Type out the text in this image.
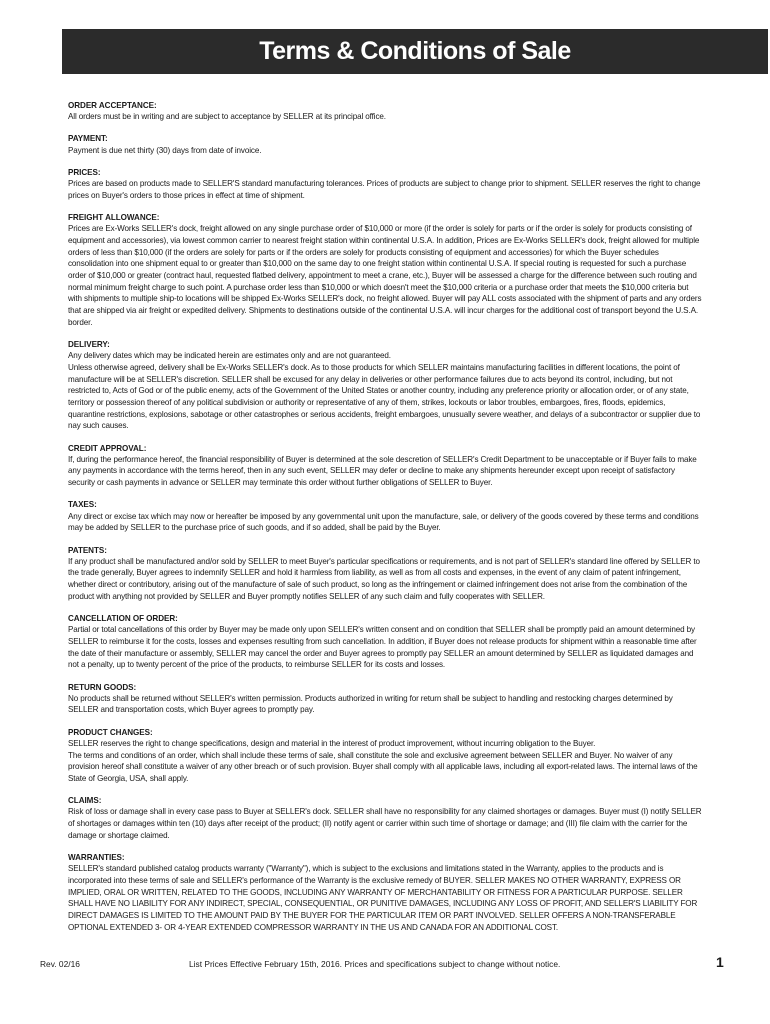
Terms & Conditions of Sale
ORDER ACCEPTANCE:

All orders must be in writing and are subject to acceptance by SELLER at its principal office.

PAYMENT:

Payment is due net thirty (30) days from date of invoice.

PRICES:

Prices are based on products made to SELLER'S standard manufacturing tolerances. Prices of products are subject to change prior to shipment. SELLER reserves the right to change prices on Buyer's orders to those prices in effect at time of shipment.

FREIGHT ALLOWANCE:

Prices are Ex-Works SELLER's dock, freight allowed on any single purchase order of $10,000 or more (if the order is solely for parts or if the order is solely for products consisting of equipment and accessories), via lowest common carrier to nearest freight station within continental U.S.A. In addition, Prices are Ex-Works SELLER's dock, freight allowed for multiple orders of less than $10,000 (if the orders are solely for parts or if the orders are solely for products consisting of equipment and accessories) for which the Buyer schedules consolidation into one shipment equal to or greater than $10,000 on the same day to one freight station within continental U.S.A. If special routing is requested for such a purchase order of $10,000 or greater (contract haul, requested flatbed delivery, appointment to meet a crane, etc.), Buyer will be assessed a charge for the difference between such routing and normal minimum freight charge to such point. A purchase order less than $10,000 or which doesn't meet the $10,000 criteria or a purchase order that meets the $10,000 criteria but with shipments to multiple ship-to locations will be shipped Ex-Works SELLER's dock, no freight allowed. Buyer will pay ALL costs associated with the shipment of parts and any orders that are shipped via air freight or expedited delivery. Shipments to destinations outside of the continental U.S.A. will incur charges for the additional cost of transport beyond the U.S.A. border.

DELIVERY:

Any delivery dates which may be indicated herein are estimates only and are not guaranteed.

Unless otherwise agreed, delivery shall be Ex-Works SELLER's dock. As to those products for which SELLER maintains manufacturing facilities in different locations, the point of manufacture will be at SELLER's discretion. SELLER shall be excused for any delay in deliveries or other performance failures due to acts beyond its control, including, but not restricted to, Acts of God or of the public enemy, acts of the Government of the United States or another country, including any preference priority or allocation order, or of any state, territory or possession thereof of any political subdivision or authority or representative of any of them, strikes, lockouts or labor troubles, embargoes, fires, floods, epidemics, quarantine restrictions, explosions, sabotage or other catastrophes or serious accidents, freight embargoes, unusually severe weather, and delays of a subcontractor or supplier due to nay such causes.

CREDIT APPROVAL:

If, during the performance hereof, the financial responsibility of Buyer is determined at the sole descretion of SELLER's Credit Department to be unacceptable or if Buyer fails to make any payments in accordance with the terms hereof, then in any such event, SELLER may defer or decline to make any shipments hereunder except upon receipt of satisfactory security or cash payments in advance or SELLER may terminate this order without further obligations of SELLER to Buyer.

TAXES:

Any direct or excise tax which may now or hereafter be imposed by any governmental unit upon the manufacture, sale, or delivery of the goods covered by these terms and conditions may be added by SELLER to the purchase price of such goods, and if so added, shall be paid by the Buyer.

PATENTS:

If any product shall be manufactured and/or sold by SELLER to meet Buyer's particular specifications or requirements, and is not part of SELLER's standard line offered by SELLER to the trade generally, Buyer agrees to indemnify SELLER and hold it harmless from liability, as well as from all costs and expenses, in the event of any claim of patent infringement, whether direct or contributory, arising out of the manufacture of sale of such product, so long as the infringement or claimed infringement does not arise from the combination of the product with anything not provided by SELLER and Buyer promptly notifies SELLER of any such claim and fully cooperates with SELLER.

CANCELLATION OF ORDER:

Partial or total cancellations of this order by Buyer may be made only upon SELLER's written consent and on condition that SELLER shall be promptly paid an amount determined by SELLER to reimburse it for the costs, losses and expenses resulting from such cancellation. In addition, if Buyer does not release products for shipment within a reasonable time after the date of their manufacture or assembly, SELLER may cancel the order and Buyer agrees to promptly pay SELLER an amount determined by SELLER as liquidated damages and not a penalty, up to twenty percent of the price of the products, to reimburse SELLER for its costs and losses.

RETURN GOODS:

No products shall be returned without SELLER's written permission. Products authorized in writing for return shall be subject to handling and restocking charges determined by SELLER and transportation costs, which Buyer agrees to promptly pay.

PRODUCT CHANGES:

SELLER reserves the right to change specifications, design and material in the interest of product improvement, without incurring obligation to the Buyer.

The terms and conditions of an order, which shall include these terms of sale, shall constitute the sole and exclusive agreement between SELLER and Buyer. No waiver of any provision hereof shall constitute a waiver of any other breach or of such provision. Buyer shall comply with all applicable laws, including all export-related laws. The internal laws of the State of Georgia, USA, shall apply.

CLAIMS:

Risk of loss or damage shall in every case pass to Buyer at SELLER's dock. SELLER shall have no responsibility for any claimed shortages or damages. Buyer must (I) notify SELLER of shortages or damages within ten (10) days after receipt of the product; (II) notify agent or carrier within such time of shortage or damage; and (III) file claim with the carrier for the damage or shortage claimed.

WARRANTIES:

SELLER's standard published catalog products warranty ("Warranty"), which is subject to the exclusions and limitations stated in the Warranty, applies to the products and is incorporated into these terms of sale and SELLER's performance of the Warranty is the exclusive remedy of BUYER. SELLER MAKES NO OTHER WARRANTY, EXPRESS OR IMPLIED, ORAL OR WRITTEN, RELATED TO THE GOODS, INCLUDING ANY WARRANTY OF MERCHANTABILITY OR FITNESS FOR A PARTICULAR PURPOSE. SELLER SHALL HAVE NO LIABILITY FOR ANY INDIRECT, SPECIAL, CONSEQUENTIAL, OR PUNITIVE DAMAGES, INCLUDING ANY LOSS OF PROFIT, AND SELLER'S LIABILITY FOR DIRECT DAMAGES IS LIMITED TO THE AMOUNT PAID BY THE BUYER FOR THE PARTICULAR ITEM OR PART INVOLVED. SELLER OFFERS A NON-TRANSFERABLE OPTIONAL EXTENDED 3- OR 4-YEAR EXTENDED COMPRESSOR WARRANTY IN THE US AND CANADA FOR AN ADDITIONAL COST.

Rev. 02/16	List Prices Effective February 15th, 2016. Prices and specifications subject to change without notice.	1
